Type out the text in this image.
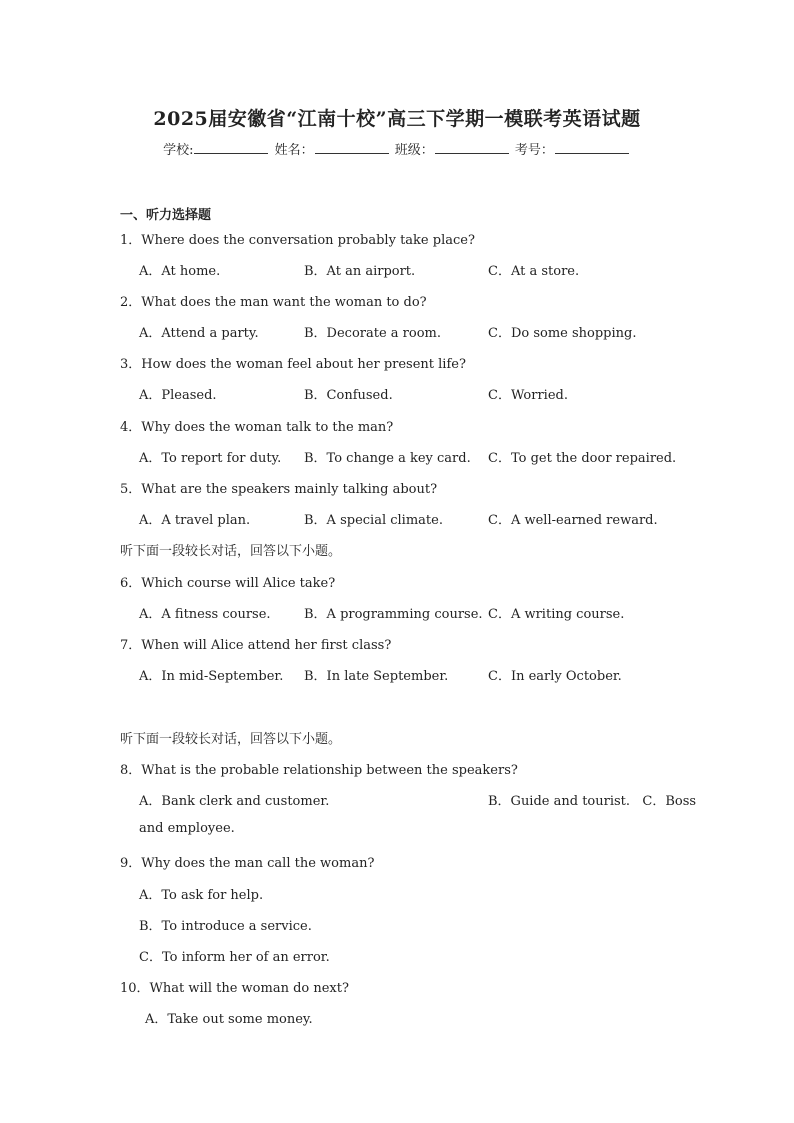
2025届安徽省“江南十校”高三下学期一模联考英语试题
学校:	姓名：	班级：	考号：
一、听力选择题
1．Where does the conversation probably take place?
A．At home.	B．At an airport.	C．At a store.
2．What does the man want the woman to do?
A．Attend a party.	B．Decorate a room.	C．Do some shopping.
3．How does the woman feel about her present life?
A．Pleased.	B．Confused.	C．Worried.
4．Why does the woman talk to the man?
A．To report for duty. B．To change a key card. C．To get the door repaired.
5．What are the speakers mainly talking about?
A．A travel plan.	B．A special climate.	C．A well-earned reward.
听下面一段较长对话，回答以下小题。
6．Which course will Alice take?
A．A fitness course.	B．A programming course. C．A writing course.
7．When will Alice attend her first class?
A．In mid-September. B．In late September.	C．In early October.
听下面一段较长对话，回答以下小题。
8．What is the probable relationship between the speakers?
A．Bank clerk and customer.	B．Guide and tourist.   C．Boss
and employee.
9．Why does the man call the woman?
A．To ask for help.
B．To introduce a service.
C．To inform her of an error.
10．What will the woman do next?
A．Take out some money.
